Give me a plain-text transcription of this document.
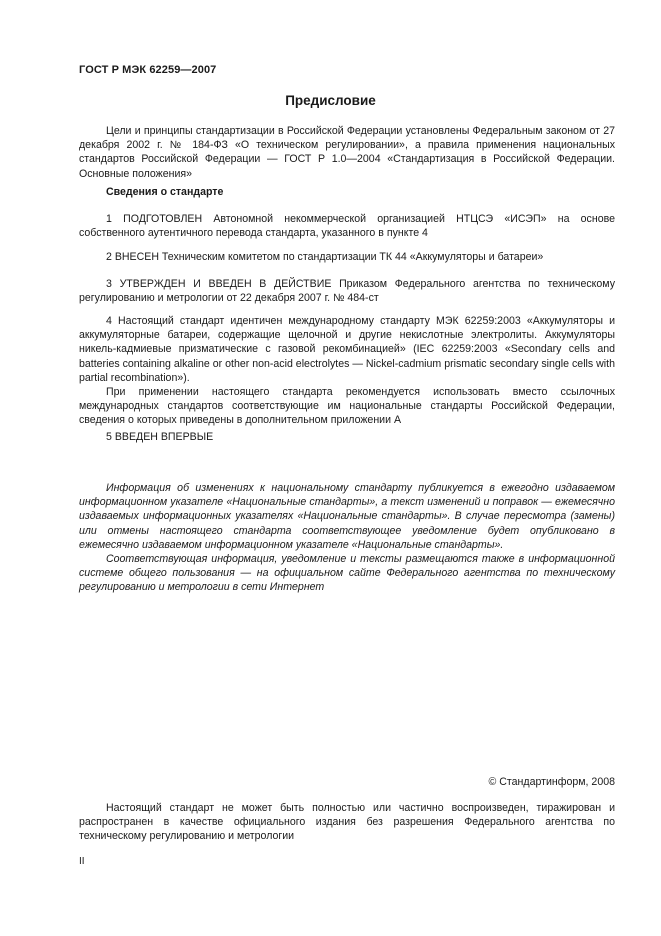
ГОСТ Р МЭК 62259—2007
Предисловие

Цели и принципы стандартизации в Российской Федерации установлены Федеральным законом от 27 декабря 2002 г. № 184-ФЗ «О техническом регулировании», а правила применения национальных стандартов Российской Федерации — ГОСТ Р 1.0—2004 «Стандартизация в Российской Федерации. Основные положения»

Сведения о стандарте

1 ПОДГОТОВЛЕН Автономной некоммерческой организацией НТЦСЭ «ИСЭП» на основе собственного аутентичного перевода стандарта, указанного в пункте 4

2 ВНЕСЕН Техническим комитетом по стандартизации ТК 44 «Аккумуляторы и батареи»

3 УТВЕРЖДЕН И ВВЕДЕН В ДЕЙСТВИЕ Приказом Федерального агентства по техническому регулированию и метрологии от 22 декабря 2007 г. № 484-ст

4 Настоящий стандарт идентичен международному стандарту МЭК 62259:2003 «Аккумуляторы и аккумуляторные батареи, содержащие щелочной и другие некислотные электролиты. Аккумуляторы никель-кадмиевые призматические с газовой рекомбинацией» (IEC 62259:2003 «Secondary cells and batteries containing alkaline or other non-acid electrolytes — Nickel-cadmium prismatic secondary single cells with partial recombination»).

При применении настоящего стандарта рекомендуется использовать вместо ссылочных международных стандартов соответствующие им национальные стандарты Российской Федерации, сведения о которых приведены в дополнительном приложении А

5 ВВЕДЕН ВПЕРВЫЕ

Информация об изменениях к национальному стандарту публикуется в ежегодно издаваемом информационном указателе «Национальные стандарты», а текст изменений и поправок — ежемесячно издаваемых информационных указателях «Национальные стандарты». В случае пересмотра (замены) или отмены настоящего стандарта соответствующее уведомление будет опубликовано в ежемесячно издаваемом информационном указателе «Национальные стандарты».

Соответствующая информация, уведомление и тексты размещаются также в информационной системе общего пользования — на официальном сайте Федерального агентства по техническому регулированию и метрологии в сети Интернет

© Стандартинформ, 2008

Настоящий стандарт не может быть полностью или частично воспроизведен, тиражирован и распространен в качестве официального издания без разрешения Федерального агентства по техническому регулированию и метрологии

II
